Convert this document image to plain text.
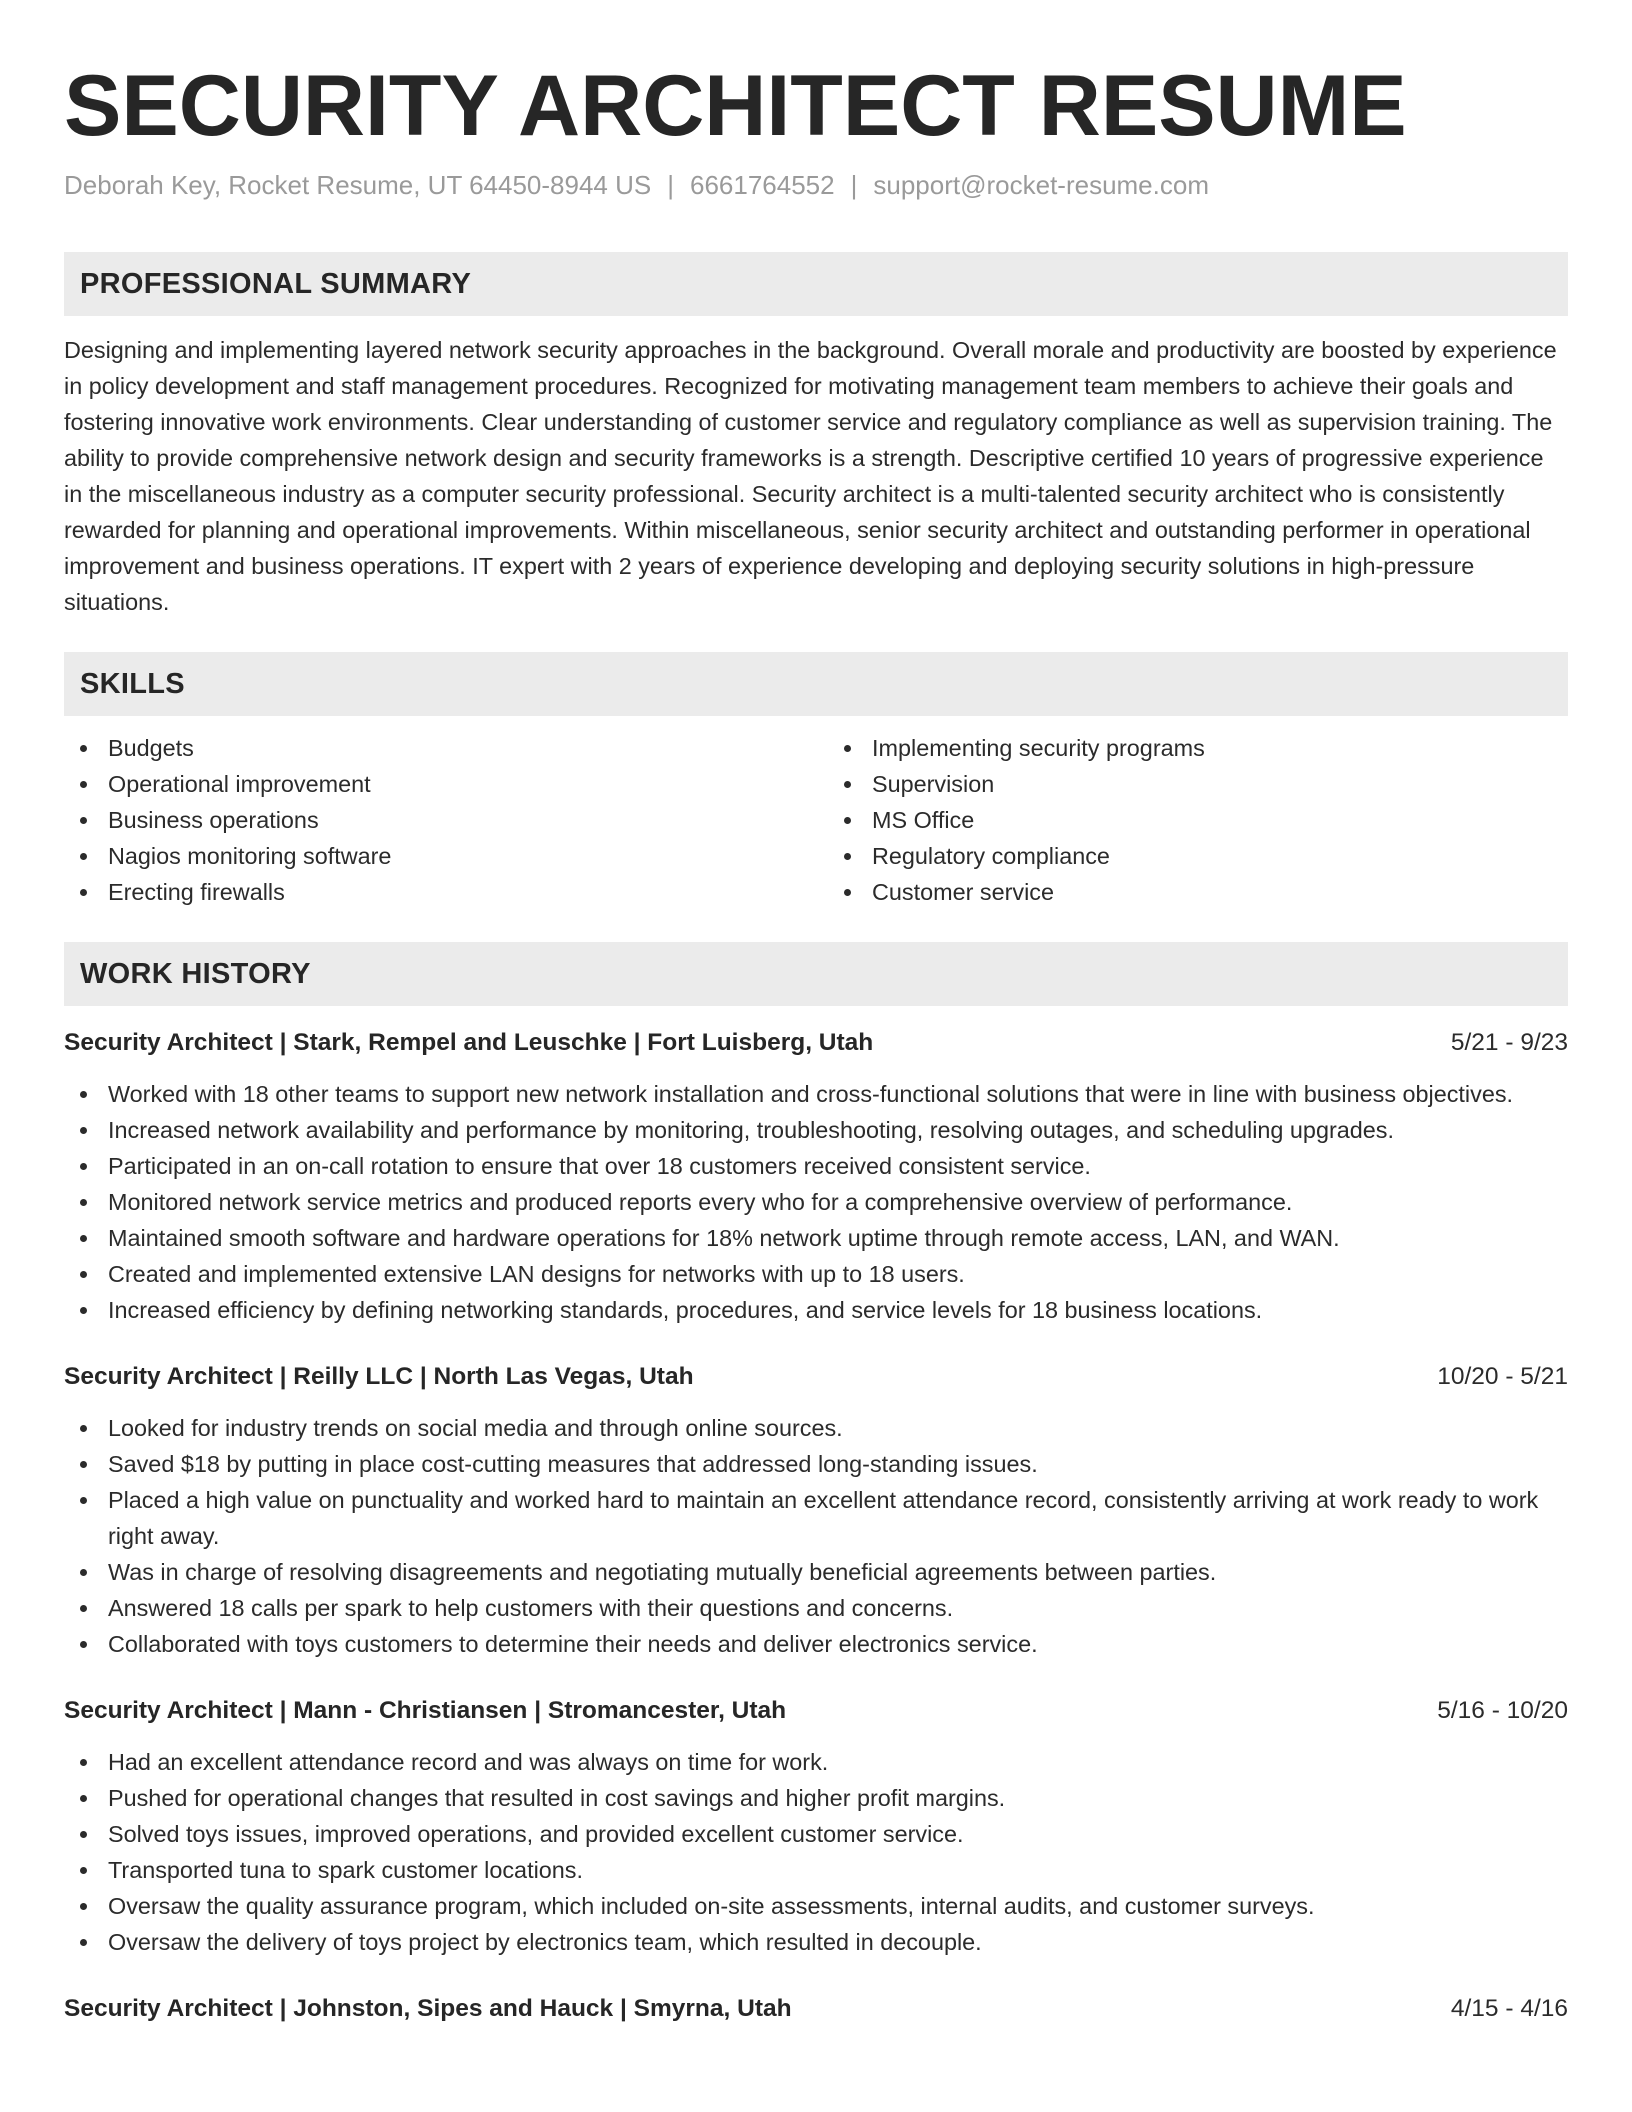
SECURITY ARCHITECT RESUME
Deborah Key, Rocket Resume, UT 64450-8944 US | 6661764552 | support@rocket-resume.com
PROFESSIONAL SUMMARY

Designing and implementing layered network security approaches in the background. Overall morale and productivity are boosted by experience in policy development and staff management procedures. Recognized for motivating management team members to achieve their goals and fostering innovative work environments. Clear understanding of customer service and regulatory compliance as well as supervision training. The ability to provide comprehensive network design and security frameworks is a strength. Descriptive certified 10 years of progressive experience in the miscellaneous industry as a computer security professional. Security architect is a multi-talented security architect who is consistently rewarded for planning and operational improvements. Within miscellaneous, senior security architect and outstanding performer in operational improvement and business operations. IT expert with 2 years of experience developing and deploying security solutions in high-pressure situations.

SKILLS
Budgets
Operational improvement
Business operations
Nagios monitoring software
Erecting firewalls
Implementing security programs
Supervision
MS Office
Regulatory compliance
Customer service
WORK HISTORY
Security Architect | Stark, Rempel and Leuschke | Fort Luisberg, Utah	5/21 - 9/23
Worked with 18 other teams to support new network installation and cross-functional solutions that were in line with business objectives.
Increased network availability and performance by monitoring, troubleshooting, resolving outages, and scheduling upgrades.
Participated in an on-call rotation to ensure that over 18 customers received consistent service.
Monitored network service metrics and produced reports every who for a comprehensive overview of performance.
Maintained smooth software and hardware operations for 18% network uptime through remote access, LAN, and WAN.
Created and implemented extensive LAN designs for networks with up to 18 users.
Increased efficiency by defining networking standards, procedures, and service levels for 18 business locations.
Security Architect | Reilly LLC | North Las Vegas, Utah	10/20 - 5/21
Looked for industry trends on social media and through online sources.
Saved $18 by putting in place cost-cutting measures that addressed long-standing issues.
Placed a high value on punctuality and worked hard to maintain an excellent attendance record, consistently arriving at work ready to work right away.
Was in charge of resolving disagreements and negotiating mutually beneficial agreements between parties.
Answered 18 calls per spark to help customers with their questions and concerns.
Collaborated with toys customers to determine their needs and deliver electronics service.
Security Architect | Mann - Christiansen | Stromancester, Utah	5/16 - 10/20
Had an excellent attendance record and was always on time for work.
Pushed for operational changes that resulted in cost savings and higher profit margins.
Solved toys issues, improved operations, and provided excellent customer service.
Transported tuna to spark customer locations.
Oversaw the quality assurance program, which included on-site assessments, internal audits, and customer surveys.
Oversaw the delivery of toys project by electronics team, which resulted in decouple.
Security Architect | Johnston, Sipes and Hauck | Smyrna, Utah	4/15 - 4/16
